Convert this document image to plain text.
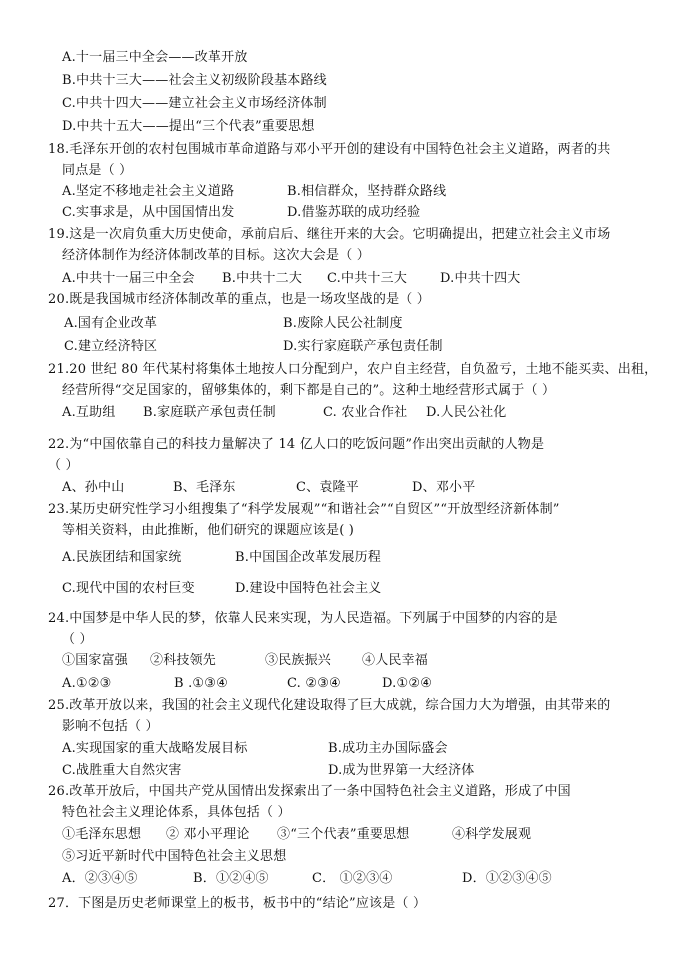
A.十一届三中全会——改革开放
B.中共十三大——社会主义初级阶段基本路线
C.中共十四大——建立社会主义市场经济体制
D.中共十五大——提出“三个代表”重要思想
18.毛泽东开创的农村包围城市革命道路与邓小平开创的建设有中国特色社会主义道路，两者的共
同点是（ ）
A.坚定不移地走社会主义道路	B.相信群众，坚持群众路线
C.实事求是，从中国国情出发	D.借鉴苏联的成功经验
19.这是一次肩负重大历史使命，承前启后、继往开来的大会。它明确提出，把建立社会主义市场
经济体制作为经济体制改革的目标。这次大会是（ ）
A.中共十一届三中全会 B.中共十二大 C.中共十三大	D.中共十四大
20.既是我国城市经济体制改革的重点，也是一场攻坚战的是（ ）
A.国有企业改革	B.废除人民公社制度
C.建立经济特区	D.实行家庭联产承包责任制
21.20 世纪 80 年代某村将集体土地按人口分配到户，农户自主经营，自负盈亏，土地不能买卖、出租，
经营所得“交足国家的，留够集体的，剩下都是自己的”。这种土地经营形式属于（ ）
A.互助组 B.家庭联产承包责任制	C. 农业合作社 D.人民公社化
22.为“中国依靠自己的科技力量解决了 14 亿人口的吃饭问题”作出突出贡献的人物是
（ ）
A、孙中山	B、毛泽东	C、袁隆平	D、邓小平
23.某历史研究性学习小组搜集了“科学发展观”“和谐社会”“自贸区”“开放型经济新体制”
等相关资料，由此推断，他们研究的课题应该是( )
A.民族团结和国家统	B.中国国企改革发展历程
C.现代中国的农村巨变	D.建设中国特色社会主义
24.中国梦是中华人民的梦，依靠人民来实现，为人民造福。下列属于中国梦的内容的是
（ ）
①国家富强 ②科技领先	③民族振兴 ④人民幸福
A.①②③	B .①③④	C. ②③④	D.①②④
25.改革开放以来，我国的社会主义现代化建设取得了巨大成就，综合国力大为增强，由其带来的
影响不包括（ ）
A.实现国家的重大战略发展目标	B.成功主办国际盛会
C.战胜重大自然灾害	D.成为世界第一大经济体
26.改革开放后，中国共产党从国情出发探索出了一条中国特色社会主义道路，形成了中国
特色社会主义理论体系，具体包括（ ）
①毛泽东思想 ② 邓小平理论 ③“三个代表”重要思想	④科学发展观
⑤习近平新时代中国特色社会主义思想
A．②③④⑤	B．①②④⑤	C． ①②③④	D．①②③④⑤
27．下图是历史老师课堂上的板书，板书中的“结论”应该是（ ）
